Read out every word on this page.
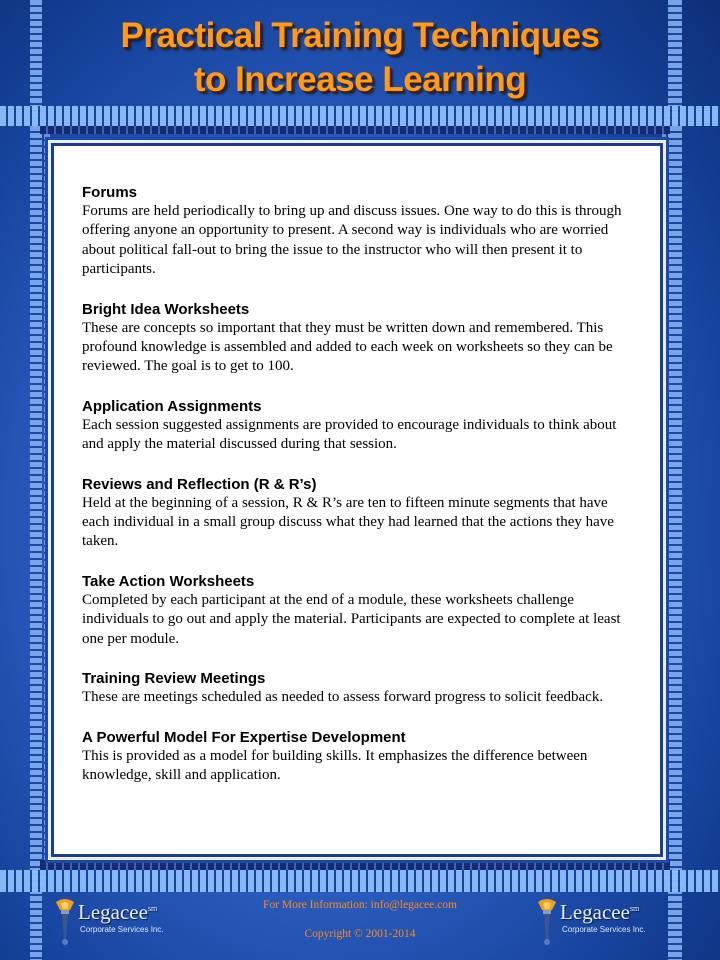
Practical Training Techniques
to Increase Learning
Forums

Forums are held periodically to bring up and discuss issues. One way to do this is through offering anyone an opportunity to present. A second way is individuals who are worried about political fall-out to bring the issue to the instructor who will then present it to participants.

Bright Idea Worksheets

These are concepts so important that they must be written down and remembered. This profound knowledge is assembled and added to each week on worksheets so they can be reviewed. The goal is to get to 100.

Application Assignments

Each session suggested assignments are provided to encourage individuals to think about and apply the material discussed during that session.

Reviews and Reflection (R & R’s)

Held at the beginning of a session, R & R’s are ten to fifteen minute segments that have each individual in a small group discuss what they had learned that the actions they have taken.

Take Action Worksheets

Completed by each participant at the end of a module, these worksheets challenge individuals to go out and apply the material. Participants are expected to complete at least one per module.

Training Review Meetings

These are meetings scheduled as needed to assess forward progress to solicit feedback.

A Powerful Model For Expertise Development

This is provided as a model for building skills. It emphasizes the difference between knowledge, skill and application.

For More Information: info@legacee.com
Copyright © 2001-2014
Legacee$^{sm}$
Corporate Services Inc.
Legacee$^{sm}$
Corporate Services Inc.
